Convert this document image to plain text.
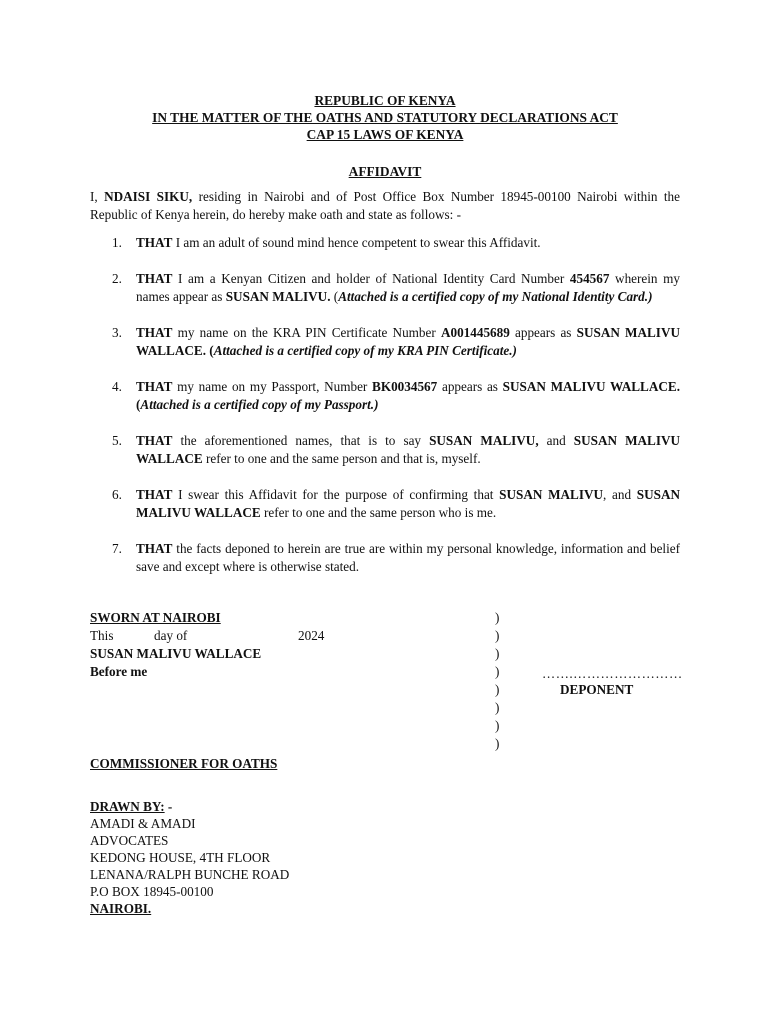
REPUBLIC OF KENYA
IN THE MATTER OF THE OATHS AND STATUTORY DECLARATIONS ACT
CAP 15 LAWS OF KENYA
AFFIDAVIT
I, NDAISI SIKU, residing in Nairobi and of Post Office Box Number 18945-00100 Nairobi within the Republic of Kenya herein, do hereby make oath and state as follows: -
1. THAT I am an adult of sound mind hence competent to swear this Affidavit.
2. THAT I am a Kenyan Citizen and holder of National Identity Card Number 454567 wherein my names appear as SUSAN MALIVU. (Attached is a certified copy of my National Identity Card.)
3. THAT my name on the KRA PIN Certificate Number A001445689 appears as SUSAN MALIVU WALLACE. (Attached is a certified copy of my KRA PIN Certificate.)
4. THAT my name on my Passport, Number BK0034567 appears as SUSAN MALIVU WALLACE. (Attached is a certified copy of my Passport.)
5. THAT the aforementioned names, that is to say SUSAN MALIVU, and SUSAN MALIVU WALLACE refer to one and the same person and that is, myself.
6. THAT I swear this Affidavit for the purpose of confirming that SUSAN MALIVU, and SUSAN MALIVU WALLACE refer to one and the same person who is me.
7. THAT the facts deponed to herein are true are within my personal knowledge, information and belief save and except where is otherwise stated.
SWORN AT NAIROBI	)
This	day of	2024	)
SUSAN MALIVU WALLACE	)
Before me	)	…….……………………
)	DEPONENT
)
)
)
COMMISSIONER FOR OATHS
DRAWN BY: -
AMADI & AMADI
ADVOCATES
KEDONG HOUSE, 4TH FLOOR
LENANA/RALPH BUNCHE ROAD
P.O BOX 18945-00100
NAIROBI.
